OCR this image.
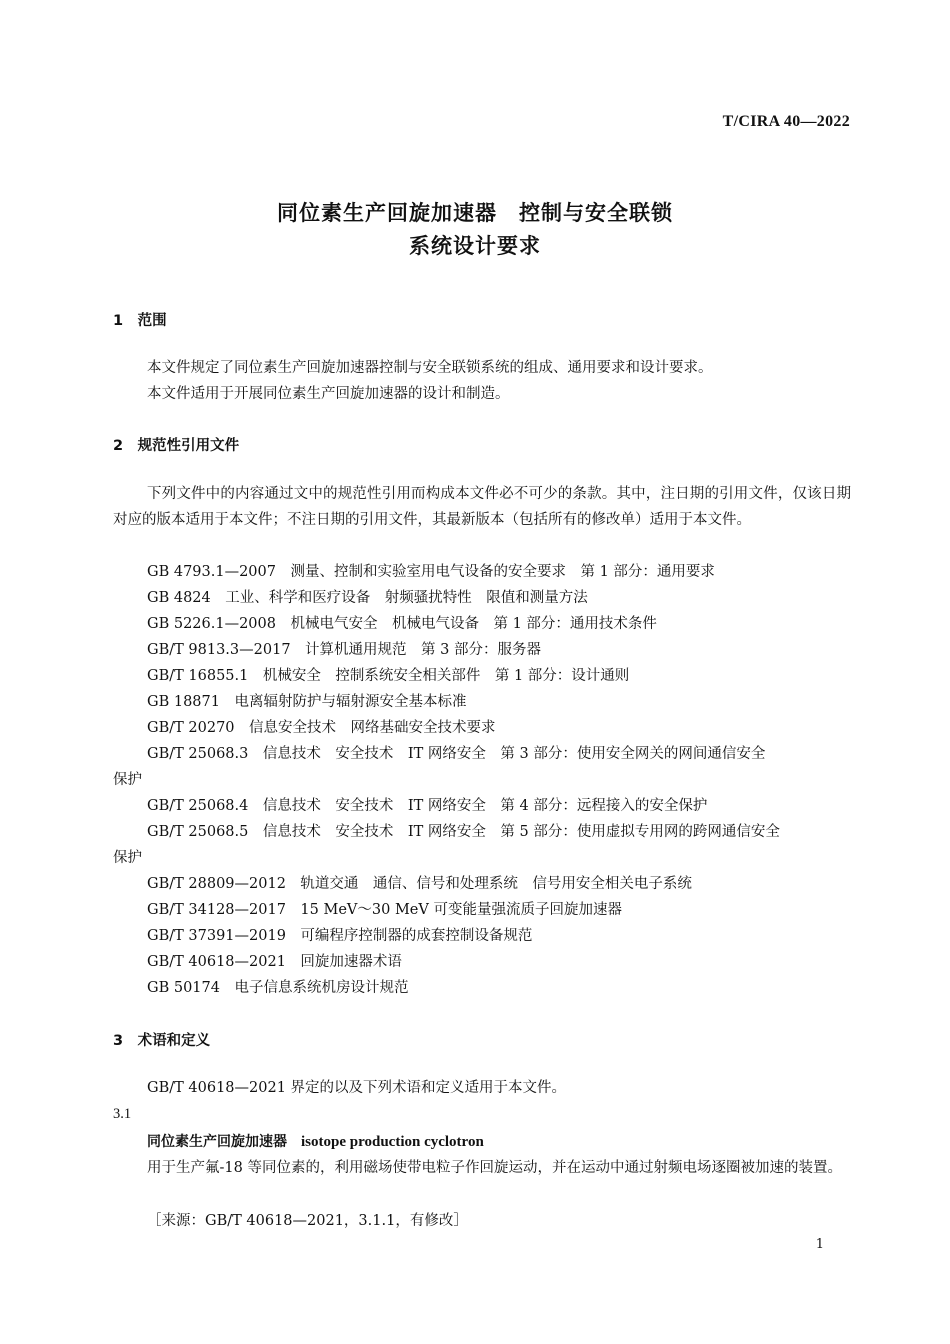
T/CIRA 40—2022
同位素生产回旋加速器　控制与安全联锁
系统设计要求
1　范围
本文件规定了同位素生产回旋加速器控制与安全联锁系统的组成、通用要求和设计要求。
本文件适用于开展同位素生产回旋加速器的设计和制造。
2　规范性引用文件
下列文件中的内容通过文中的规范性引用而构成本文件必不可少的条款。其中，注日期的引用文件，仅该日期对应的版本适用于本文件；不注日期的引用文件，其最新版本（包括所有的修改单）适用于本文件。
GB 4793.1—2007　测量、控制和实验室用电气设备的安全要求　第 1 部分：通用要求
GB 4824　工业、科学和医疗设备　射频骚扰特性　限值和测量方法
GB 5226.1—2008　机械电气安全　机械电气设备　第 1 部分：通用技术条件
GB/T 9813.3—2017　计算机通用规范　第 3 部分：服务器
GB/T 16855.1　机械安全　控制系统安全相关部件　第 1 部分：设计通则
GB 18871　电离辐射防护与辐射源安全基本标准
GB/T 20270　信息安全技术　网络基础安全技术要求
GB/T 25068.3　信息技术　安全技术　IT 网络安全　第 3 部分：使用安全网关的网间通信安全
保护
GB/T 25068.4　信息技术　安全技术　IT 网络安全　第 4 部分：远程接入的安全保护
GB/T 25068.5　信息技术　安全技术　IT 网络安全　第 5 部分：使用虚拟专用网的跨网通信安全
保护
GB/T 28809—2012　轨道交通　通信、信号和处理系统　信号用安全相关电子系统
GB/T 34128—2017　15 MeV～30 MeV 可变能量强流质子回旋加速器
GB/T 37391—2019　可编程序控制器的成套控制设备规范
GB/T 40618—2021　回旋加速器术语
GB 50174　电子信息系统机房设计规范
3　术语和定义
GB/T 40618—2021 界定的以及下列术语和定义适用于本文件。
3.1
同位素生产回旋加速器 isotope production cyclotron
用于生产氟-18 等同位素的，利用磁场使带电粒子作回旋运动，并在运动中通过射频电场逐圈被加速的装置。
［来源：GB/T 40618—2021，3.1.1，有修改］
1
